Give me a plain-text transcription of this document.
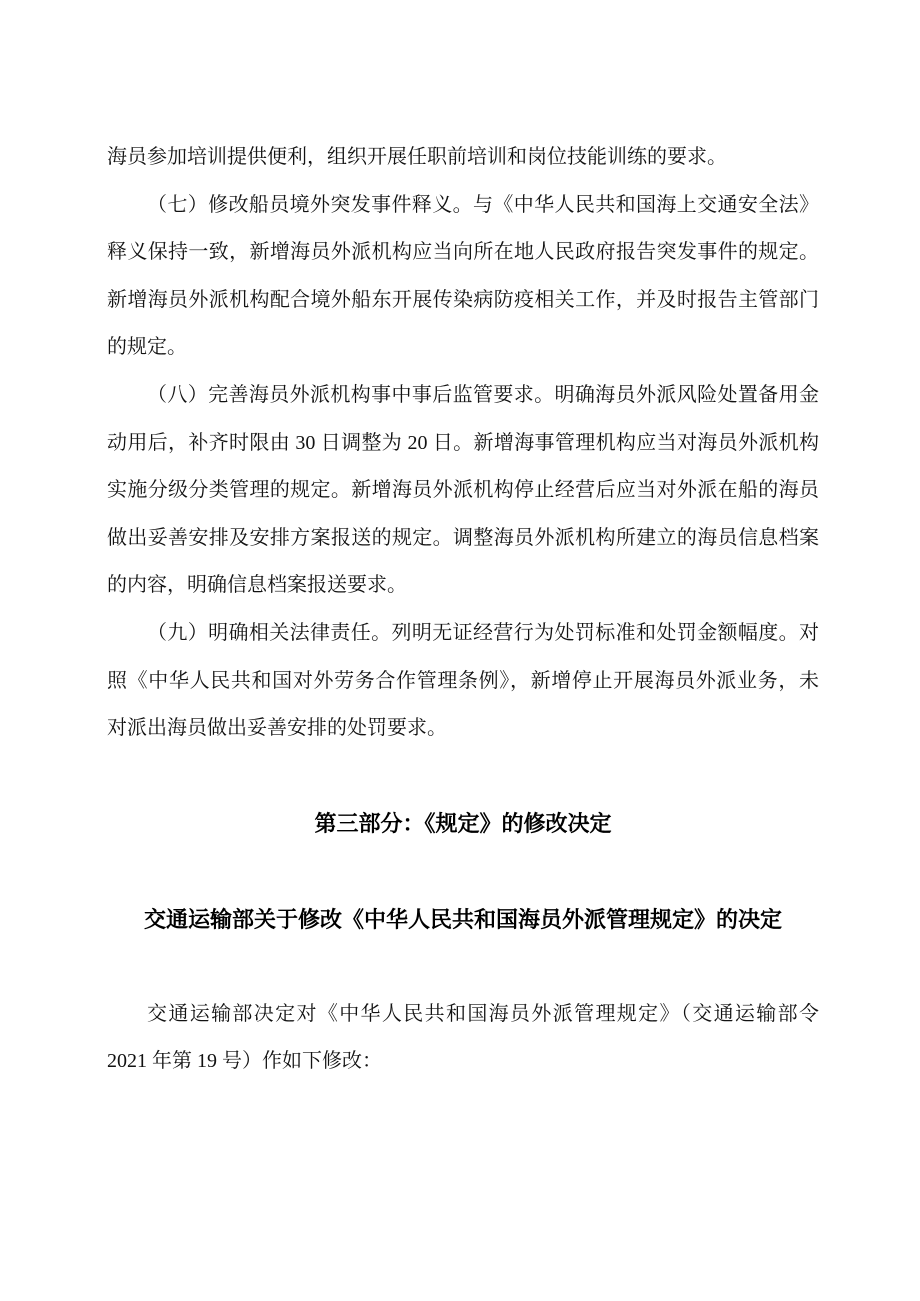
海员参加培训提供便利，组织开展任职前培训和岗位技能训练的要求。
（七）修改船员境外突发事件释义。与《中华人民共和国海上交通安全法》
释义保持一致，新增海员外派机构应当向所在地人民政府报告突发事件的规定。
新增海员外派机构配合境外船东开展传染病防疫相关工作，并及时报告主管部门
的规定。
（八）完善海员外派机构事中事后监管要求。明确海员外派风险处置备用金
动用后，补齐时限由 30 日调整为 20 日。新增海事管理机构应当对海员外派机构
实施分级分类管理的规定。新增海员外派机构停止经营后应当对外派在船的海员
做出妥善安排及安排方案报送的规定。调整海员外派机构所建立的海员信息档案
的内容，明确信息档案报送要求。
（九）明确相关法律责任。列明无证经营行为处罚标准和处罚金额幅度。对
照《中华人民共和国对外劳务合作管理条例》，新增停止开展海员外派业务，未
对派出海员做出妥善安排的处罚要求。
第三部分：《规定》的修改决定
交通运输部关于修改《中华人民共和国海员外派管理规定》的决定
交通运输部决定对《中华人民共和国海员外派管理规定》（交通运输部令
2021 年第 19 号）作如下修改：
